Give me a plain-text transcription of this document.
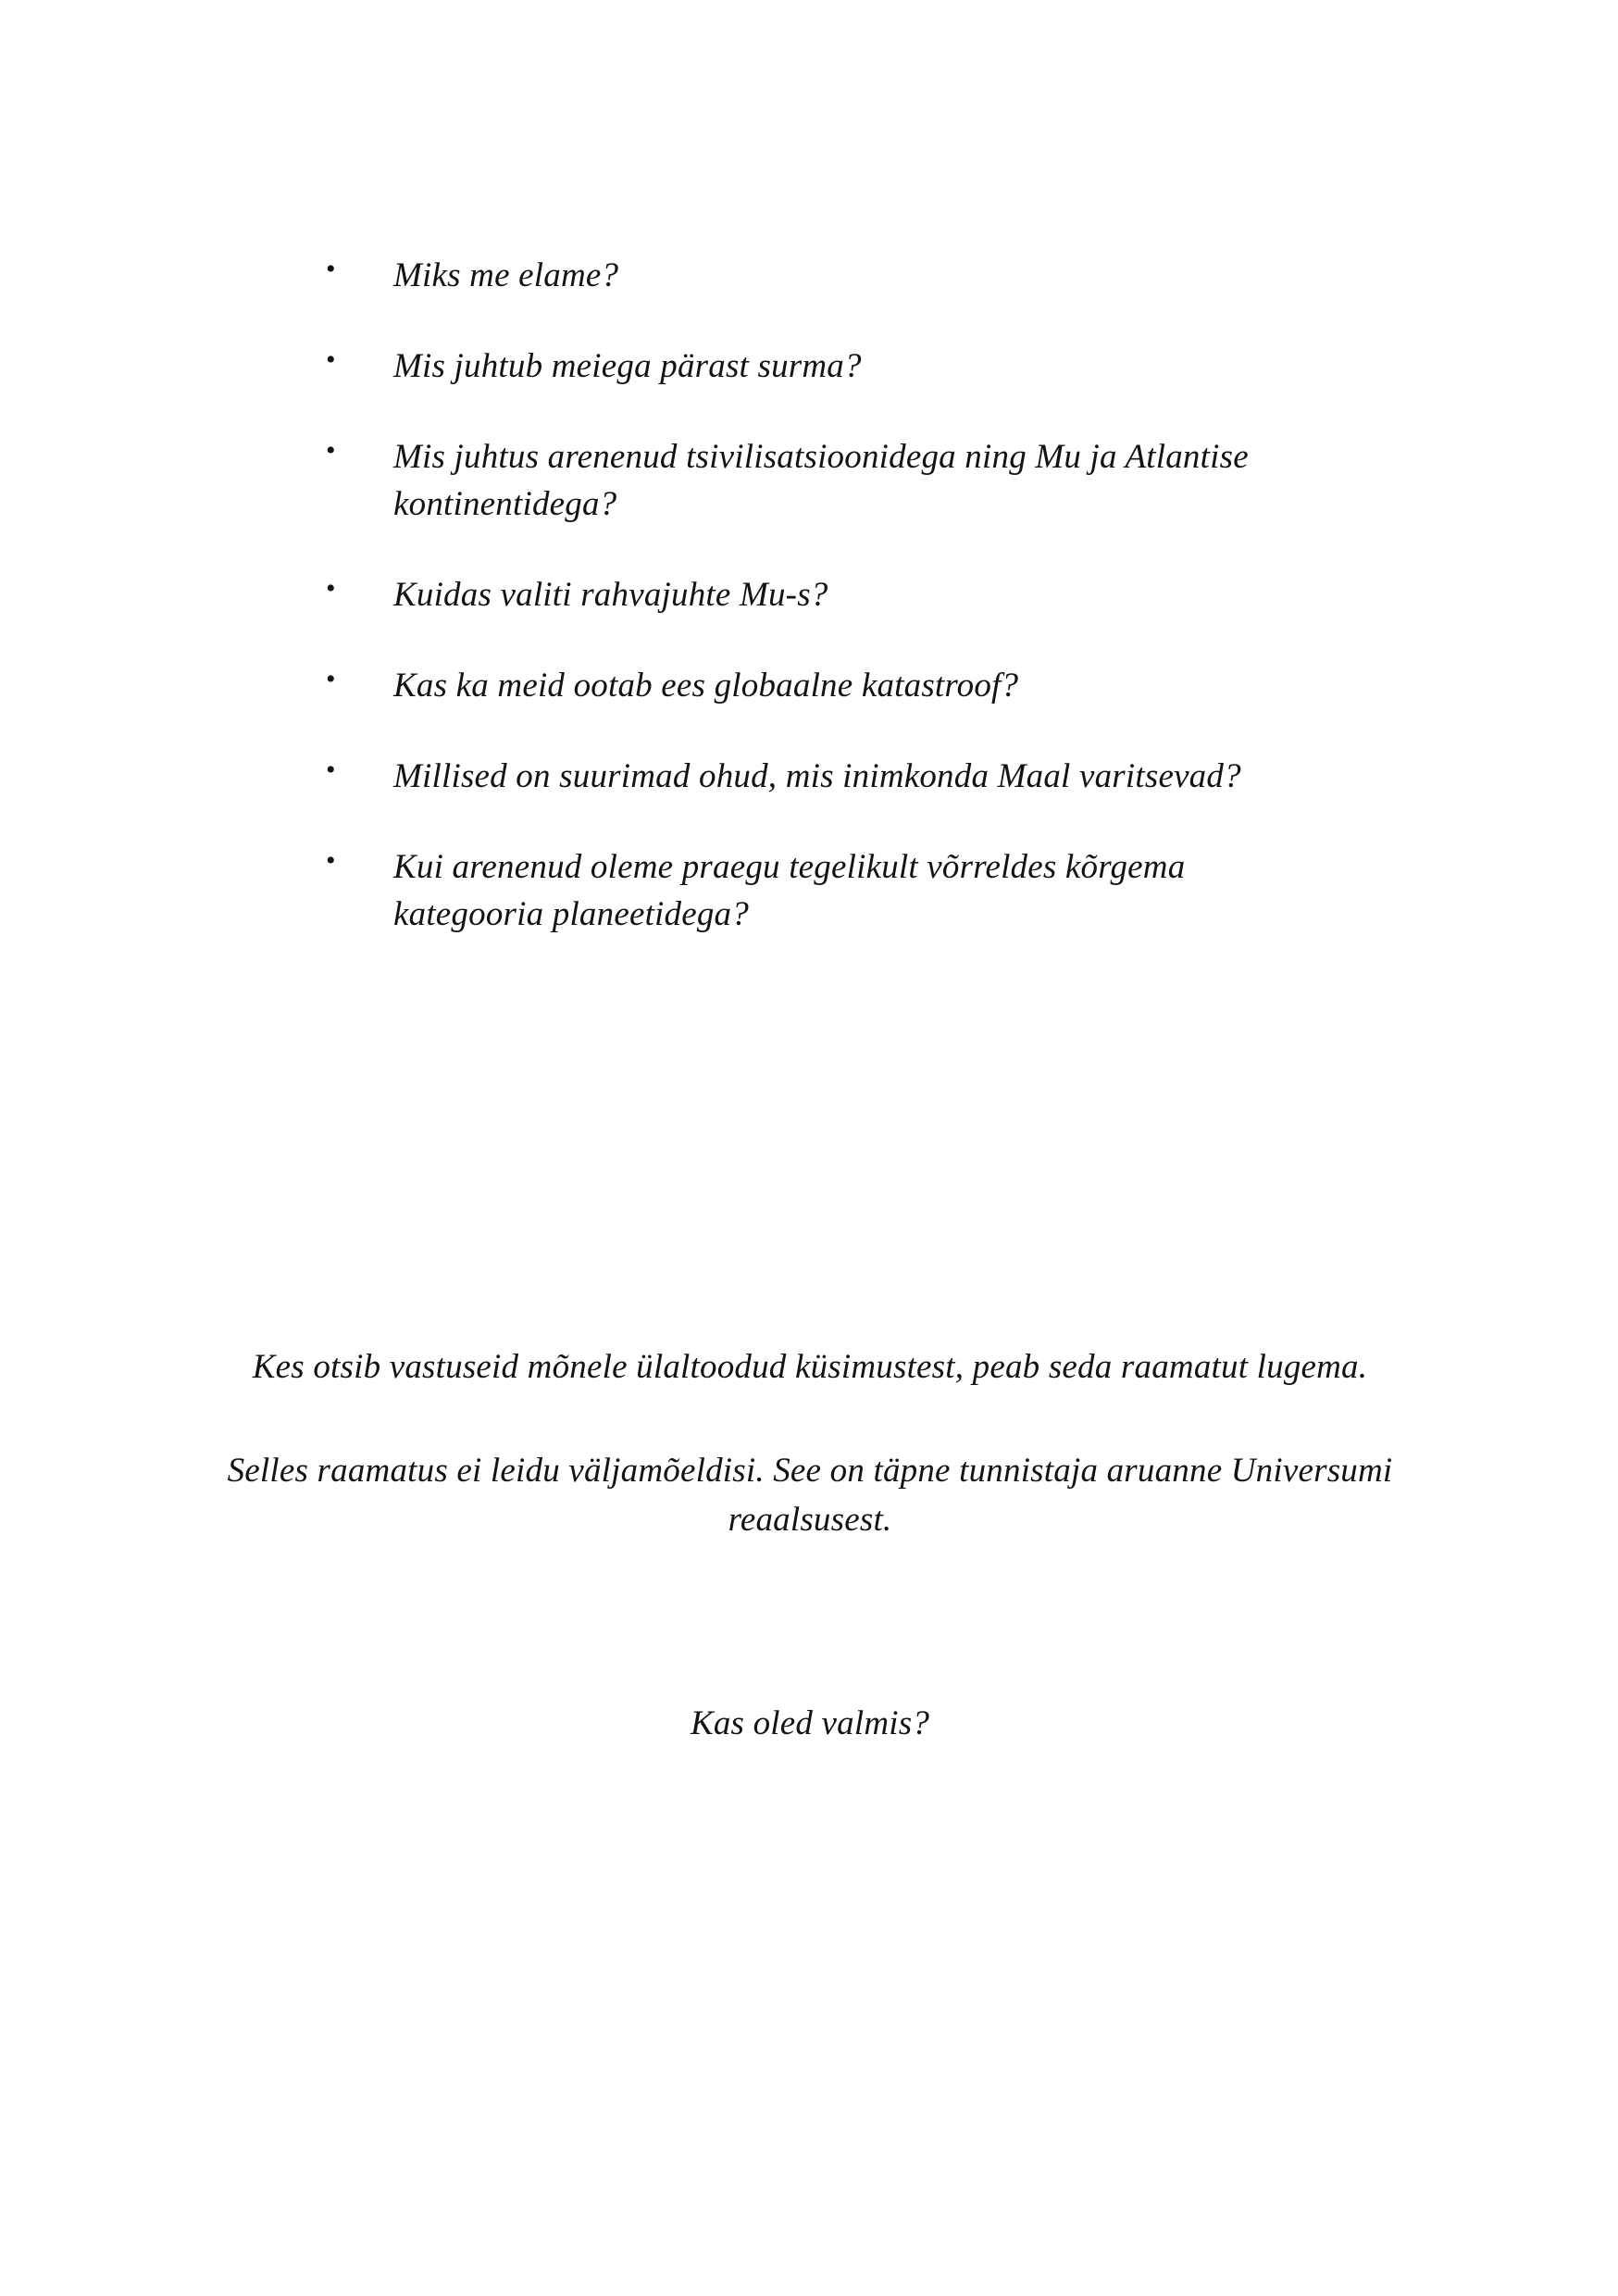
• Miks me elame?
• Mis juhtub meiega pärast surma?
• Mis juhtus arenenud tsivilisatsioonidega ning Mu ja Atlantise kontinentidega?
• Kuidas valiti rahvajuhte Mu-s?
• Kas ka meid ootab ees globaalne katastroof?
• Millised on suurimad ohud, mis inimkonda Maal varitsevad?
• Kui arenenud oleme praegu tegelikult võrreldes kõrgema kategooria planeetidega?

Kes otsib vastuseid mõnele ülaltoodud küsimustest, peab seda raamatut lugema.

Selles raamatus ei leidu väljamõeldisi. See on täpne tunnistaja aruanne Universumi reaalsusest.

Kas oled valmis?
